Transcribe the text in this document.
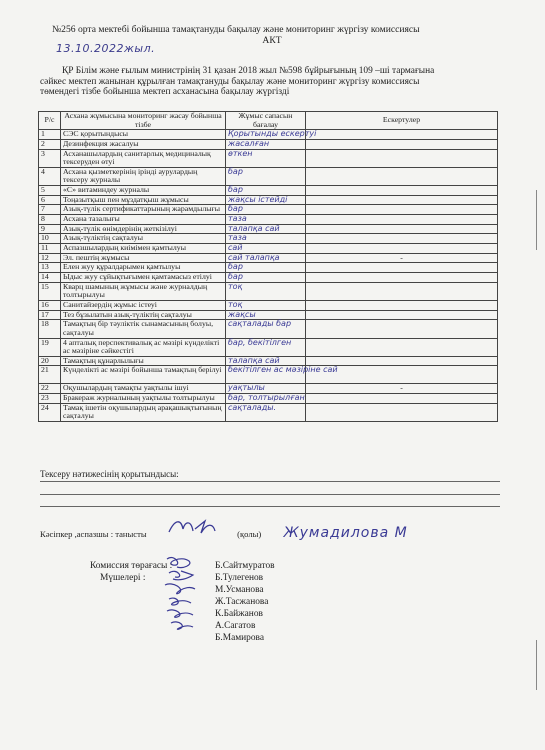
№256 орта мектебі бойынша тамақтануды бақылау және мониторинг жүргізу комиссиясы
АКТ
13.10.2022жыл.
ҚР Білім және ғылым министрінің 31 қазан 2018 жыл №598 бұйрығының 109 –ші тармағына
сәйкес мектеп жанынан құрылған тамақтануды бақылау және мониторинг жүргізу комиссиясы
төмендегі тізбе бойынша мектеп асханасына бақылау жүргізді
Р/с	Асхана жұмысына мониторинг жасау бойынша тізбе	Жұмыс сапасын бағалау	Ескертулер
1	СЭС қорытындысы	Қорытынды ескертуі	
2	Дезинфекция жасалуы	жасалған	
3	Асханашылардың санитарлық медициналық тексеруден өтуі	өткен	
4	Асхана қызметкерінің ірінді аурулардың тексеру журналы	бар	
5	«С» витаминдеу журналы	бар	
6	Тоңазытқыш пен мұздатқыш жұмысы	жақсы істейді	
7	Азық-түлік сертификаттарының жарамдылығы	бар	
8	Асхана тазалығы	таза	
9	Азық-түлік өнімдерінің жеткізілуі	талапқа сай	
10	Азық-түліктің сақталуы	таза	
11	Аспазшылардың киімімен қамтылуы	сай	
12	Эл. пештің жұмысы	сай талапқа	-
13	Елен жуу құралдарымен қамтылуы	бар	
14	Ыдыс жуу сұйықтығымен қамтамасыз етілуі	бар	
15	Кварц шамының жұмысы және журналдың толтырылуы	тоқ	
16	Санитайзердің жұмыс істеуі	тоқ	
17	Тез бұзылатын азық-түліктің сақталуы	жақсы	
18	Тамақтың бір тәуліктік сынамасының болуы, сақталуы	сақталады бар	
19	4 апталық перспективалық ас мәзірі күнделікті ас мәзіріне сәйкестігі	бар, бекітілген	
20	Тамақтың құнарлылығы	талапқа сай	
21	Күнделікті ас мәзірі бойынша тамақтың берілуі	бекітілген ас мәзіріне сай	
22	Оқушылардың тамақты уақтылы ішуі	уақтылы	-
23	Бракераж журналының уақтылы толтырылуы	бар, толтырылған	
24	Тамақ ішетін оқушылардың арақашықтығының сақталуы	сақталады.	
Тексеру нәтижесінің қорытындысы:
Кәсіпкер ,аспазшы : танысты	(қолы) Жумадилова М
Комиссия төрағасы :
Мүшелері :
Б.Сайтмуратов
Б.Тулегенов
М.Усманова
Ж.Тасжанова
К.Байжанов
А.Сагатов
Б.Мамирова
